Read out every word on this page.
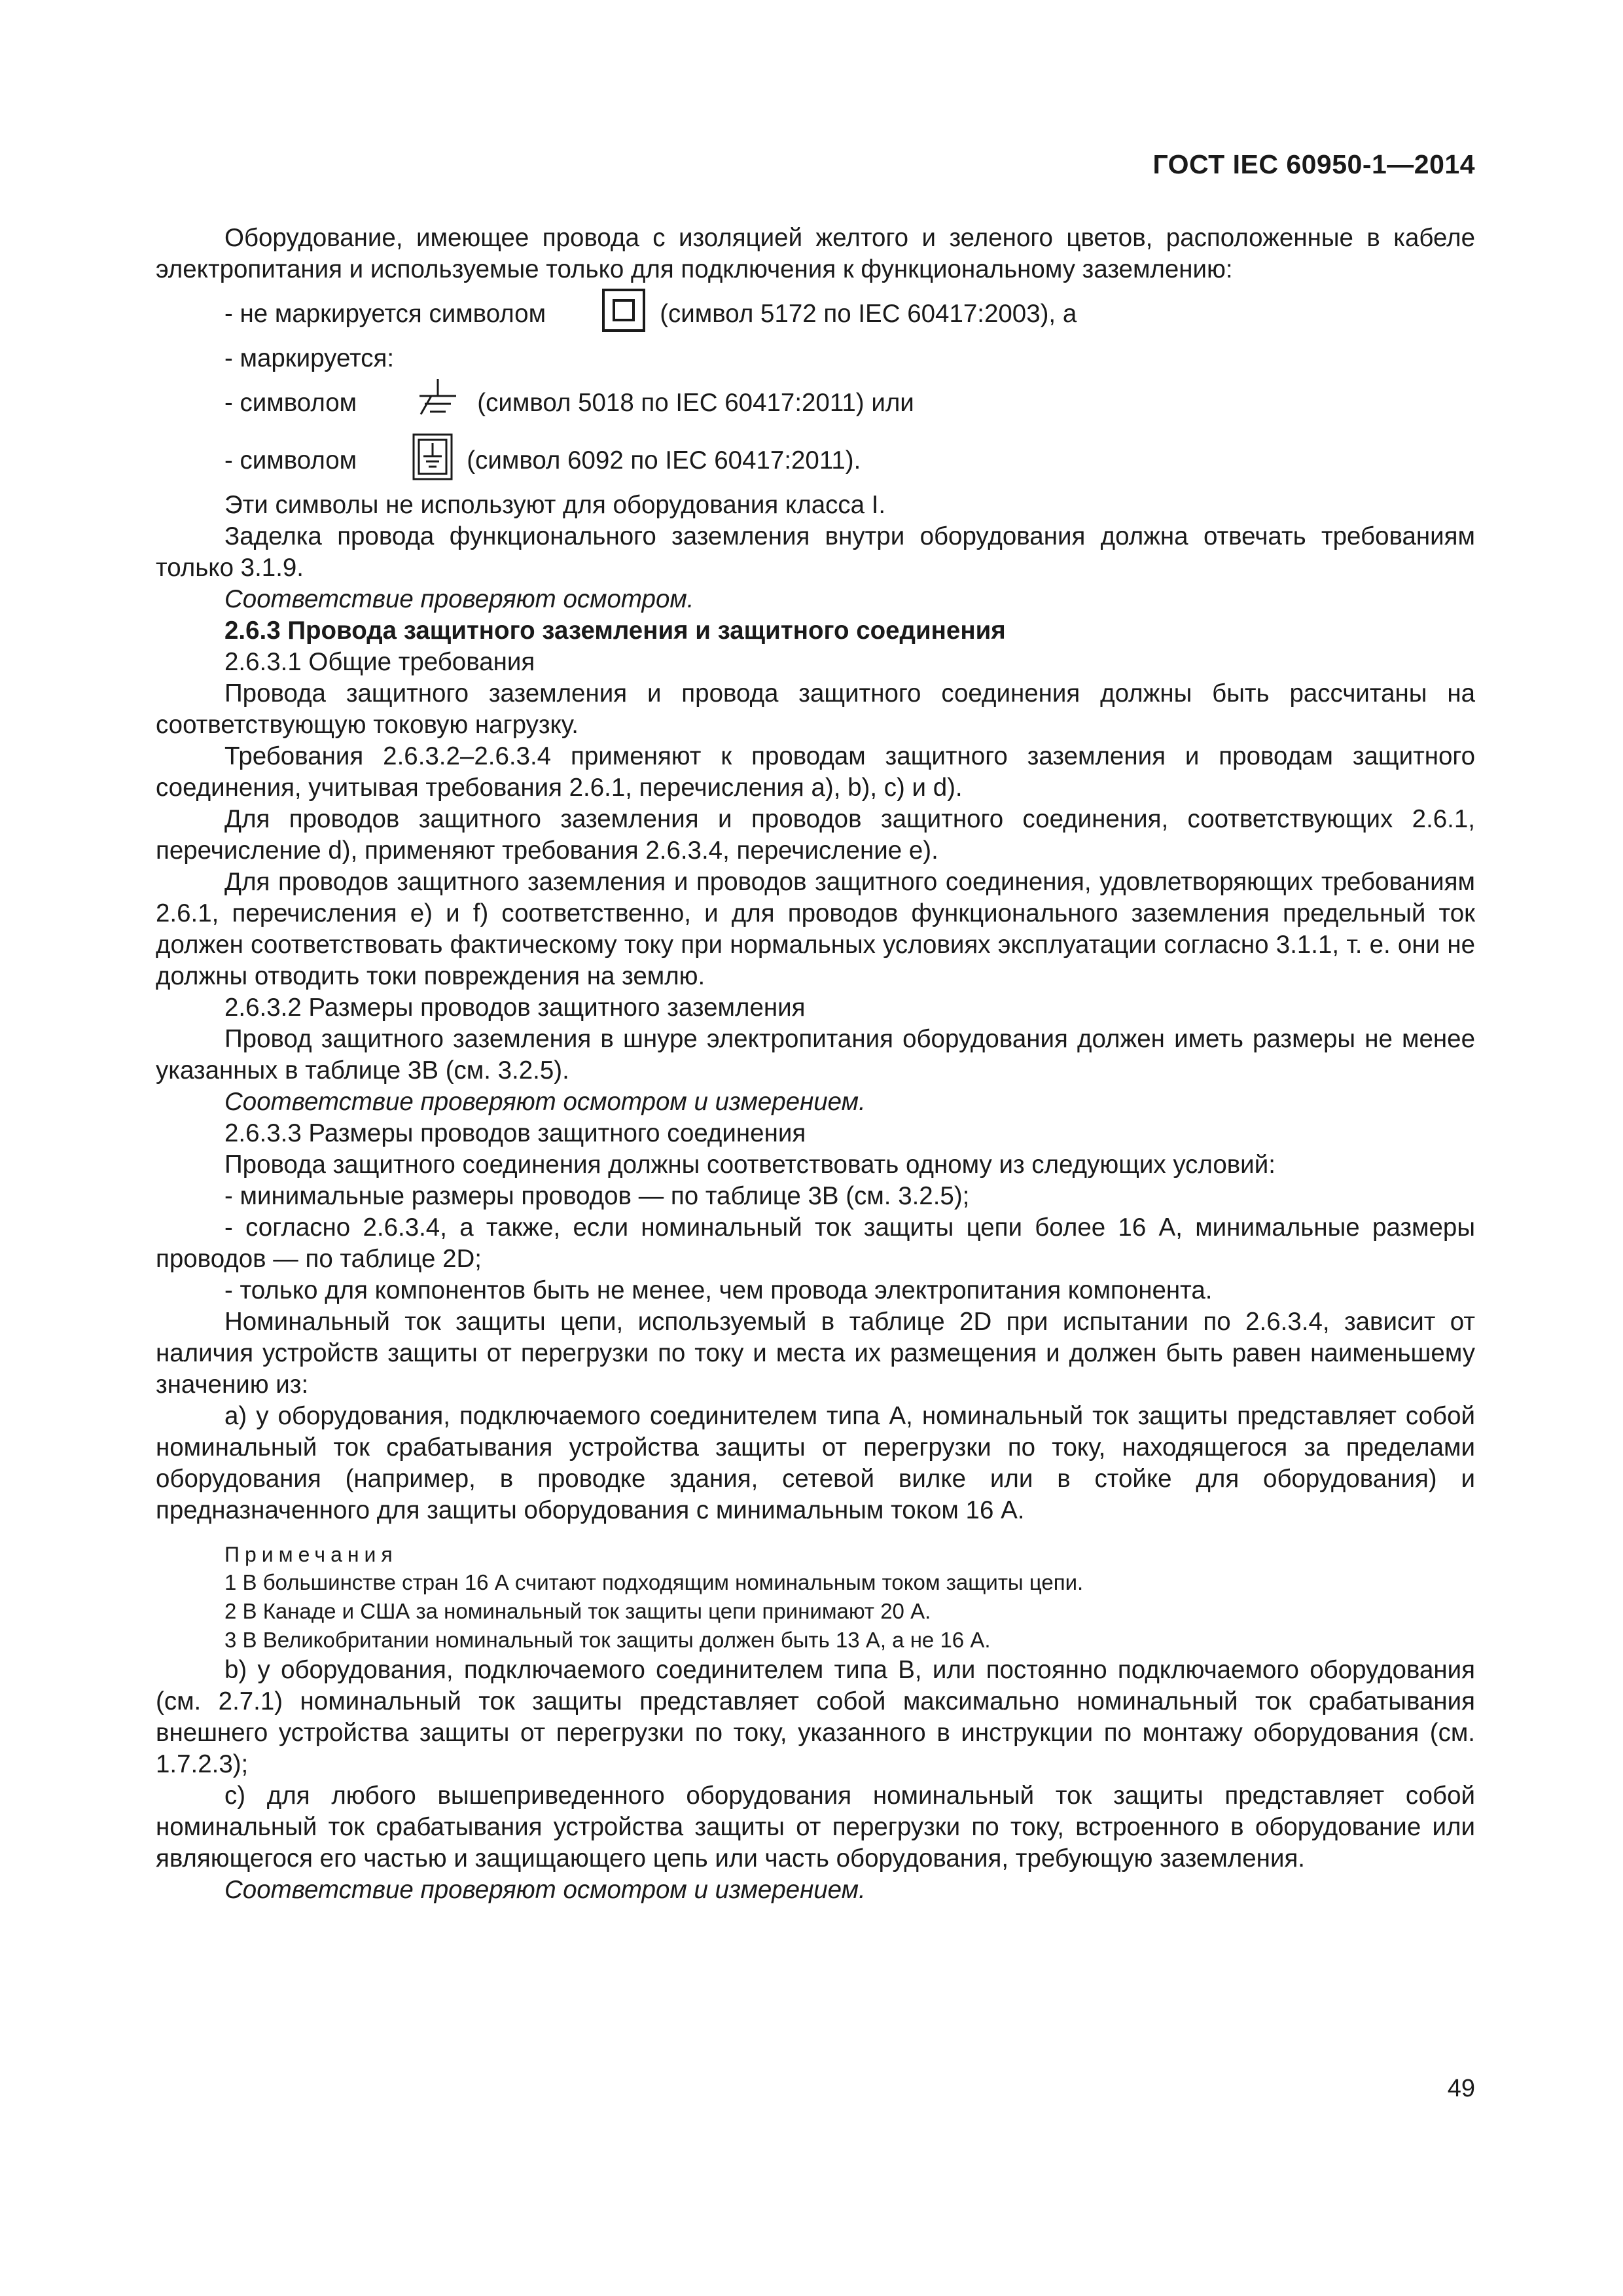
ГОСТ IEC 60950-1—2014

Оборудование, имеющее провода с изоляцией желтого и зеленого цветов, расположенные в кабеле электропитания и используемые только для подключения к функциональному заземлению:

- не маркируется символом

	(символ 5172 по IEC 60417:2003), а
- маркируется:
- символом

	(символ 5018 по IEC 60417:2011) или
- символом

	(символ 6092 по IEC 60417:2011).

Эти символы не используют для оборудования класса I.

Заделка провода функционального заземления внутри оборудования должна отвечать требованиям только 3.1.9.

Соответствие проверяют осмотром.

2.6.3 Провода защитного заземления и защитного соединения

2.6.3.1 Общие требования

Провода защитного заземления и провода защитного соединения должны быть рассчитаны на соответствующую токовую нагрузку.

Требования 2.6.3.2–2.6.3.4 применяют к проводам защитного заземления и проводам защитного соединения, учитывая требования 2.6.1, перечисления a), b), c) и d).

Для проводов защитного заземления и проводов защитного соединения, соответствующих 2.6.1, перечисление d), применяют требования 2.6.3.4, перечисление e).

Для проводов защитного заземления и проводов защитного соединения, удовлетворяющих требованиям 2.6.1, перечисления e) и f) соответственно, и для проводов функционального заземления предельный ток должен соответствовать фактическому току при нормальных условиях эксплуатации согласно 3.1.1, т. е. они не должны отводить токи повреждения на землю.

2.6.3.2 Размеры проводов защитного заземления

Провод защитного заземления в шнуре электропитания оборудования должен иметь размеры не менее указанных в таблице 3B (см. 3.2.5).

Соответствие проверяют осмотром и измерением.

2.6.3.3 Размеры проводов защитного соединения

Провода защитного соединения должны соответствовать одному из следующих условий:

- минимальные размеры проводов — по таблице 3B (см. 3.2.5);

- согласно 2.6.3.4, а также, если номинальный ток защиты цепи более 16 А, минимальные размеры проводов — по таблице 2D;

- только для компонентов быть не менее, чем провода электропитания компонента.

Номинальный ток защиты цепи, используемый в таблице 2D при испытании по 2.6.3.4, зависит от наличия устройств защиты от перегрузки по току и места их размещения и должен быть равен наименьшему значению из:

a) у оборудования, подключаемого соединителем типа A, номинальный ток защиты представляет собой номинальный ток срабатывания устройства защиты от перегрузки по току, находящегося за пределами оборудования (например, в проводке здания, сетевой вилке или в стойке для оборудования) и предназначенного для защиты оборудования с минимальным током 16 А.

Примечания
1 В большинстве стран 16 А считают подходящим номинальным током защиты цепи.
2 В Канаде и США за номинальный ток защиты цепи принимают 20 А.
3 В Великобритании номинальный ток защиты должен быть 13 А, а не 16 А.

b) у оборудования, подключаемого соединителем типа B, или постоянно подключаемого оборудования (см. 2.7.1) номинальный ток защиты представляет собой максимально номинальный ток срабатывания внешнего устройства защиты от перегрузки по току, указанного в инструкции по монтажу оборудования (см. 1.7.2.3);

c) для любого вышеприведенного оборудования номинальный ток защиты представляет собой номинальный ток срабатывания устройства защиты от перегрузки по току, встроенного в оборудование или являющегося его частью и защищающего цепь или часть оборудования, требующую заземления.

Соответствие проверяют осмотром и измерением.

49
